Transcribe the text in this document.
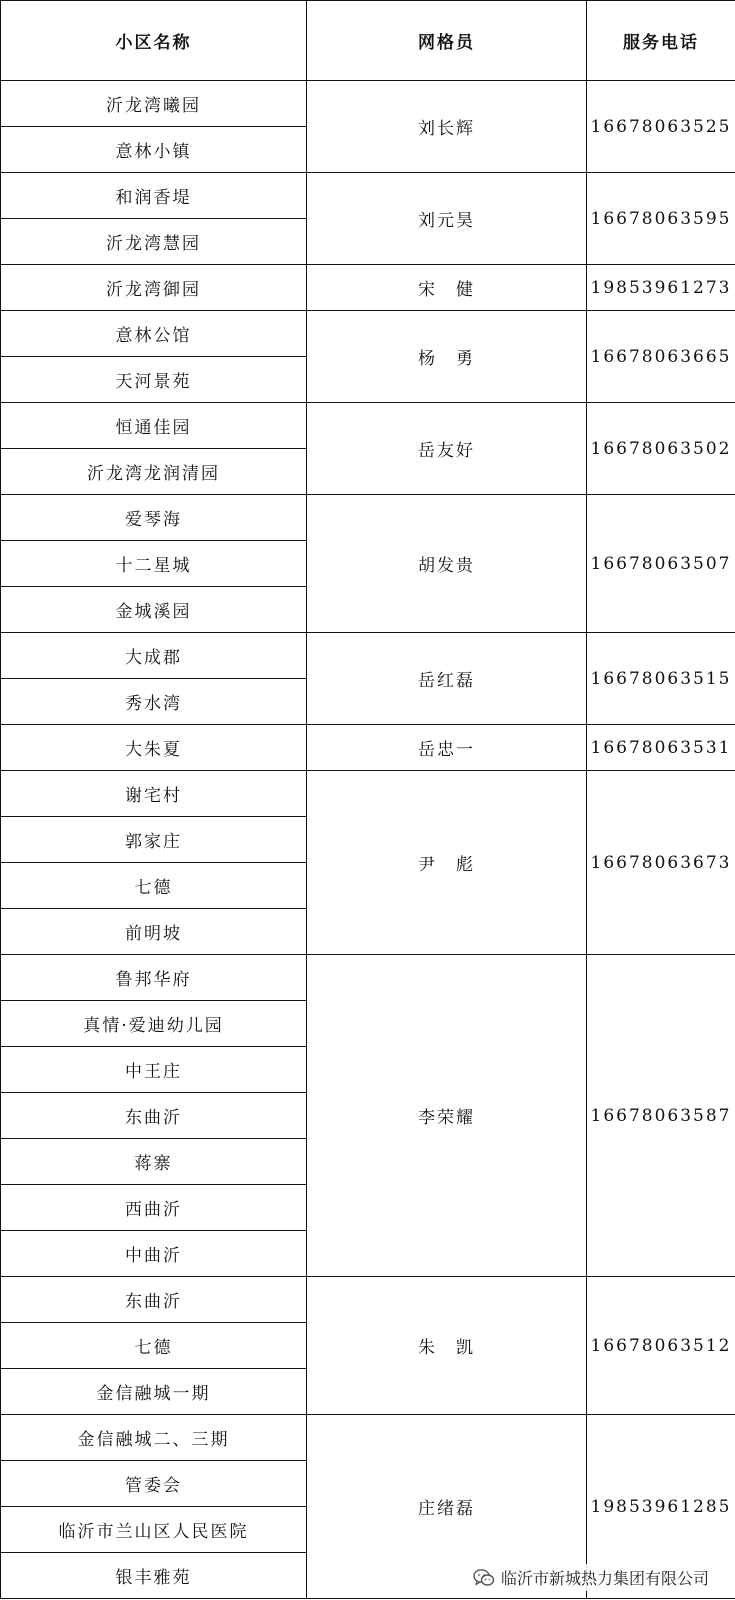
小区名称	网格员	服务电话
沂龙湾曦园	刘长辉	16678063525
意林小镇		
和润香堤	刘元昊	16678063595
沂龙湾慧园		
沂龙湾御园	宋　健	19853961273
意林公馆	杨　勇	16678063665
天河景苑		
恒通佳园	岳友好	16678063502
沂龙湾龙润清园		
爱琴海	胡发贵	16678063507
十二星城		
金城溪园		
大成郡	岳红磊	16678063515
秀水湾		
大朱夏	岳忠一	16678063531
谢宅村	尹　彪	16678063673
郭家庄		
七德		
前明坡		
鲁邦华府	李荣耀	16678063587
真情·爱迪幼儿园		
中王庄		
东曲沂		
蒋寨		
西曲沂		
中曲沂		
东曲沂	朱　凯	16678063512
七德		
金信融城一期		
金信融城二、三期	庄绪磊	19853961285
管委会		
临沂市兰山区人民医院		
银丰雅苑			临沂市新城热力集团有限公司
